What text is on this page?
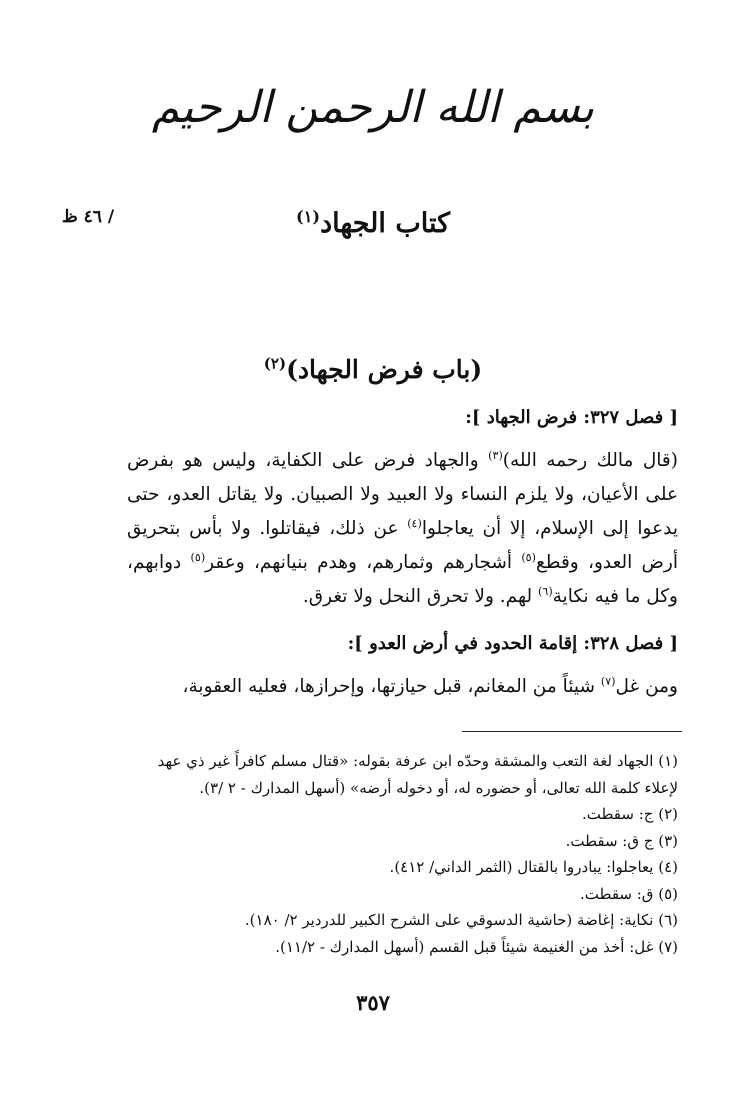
بسم الله الرحمن الرحيم
/ ٤٦ ظ	كتاب الجهاد$^{(١)}$
(باب فرض الجهاد)$^{(٢)}$
[ فصل ٣٢٧: فرض الجهاد ]:
(قال مالك رحمه الله)$^{(٣)}$ والجهاد فرض على الكفاية، وليس هو بفرض على الأعيان، ولا يلزم النساء ولا العبيد ولا الصبيان. ولا يقاتل العدو، حتى يدعوا إلى الإسلام، إلا أن يعاجلوا$^{(٤)}$ عن ذلك، فيقاتلوا. ولا بأس بتحريق أرض العدو، وقطع$^{(٥)}$ أشجارهم وثمارهم، وهدم بنيانهم، وعقر$^{(٥)}$ دوابهم، وكل ما فيه نكاية$^{(٦)}$ لهم. ولا تحرق النحل ولا تغرق.
[ فصل ٣٢٨: إقامة الحدود في أرض العدو ]:
ومن غل$^{(٧)}$ شيئاً من المغانم، قبل حيازتها، وإحرازها، فعليه العقوبة،
(١) الجهاد لغة التعب والمشقة وحدّه ابن عرفة بقوله: «قتال مسلم كافراً غير ذي عهد
لإعلاء كلمة الله تعالى، أو حضوره له، أو دخوله أرضه» (أسهل المدارك - ٢ /٣).
(٢) ج: سقطت.
(٣) ج ق: سقطت.
(٤) يعاجلوا: يبادروا بالقتال (الثمر الداني/ ٤١٢).
(٥) ق: سقطت.
(٦) نكاية: إغاضة (حاشية الدسوقي على الشرح الكبير للدردير ٢/ ١٨٠).
(٧) غل: أخذ من الغنيمة شيئاً قبل القسم (أسهل المدارك - ١١/٢).
٣٥٧
